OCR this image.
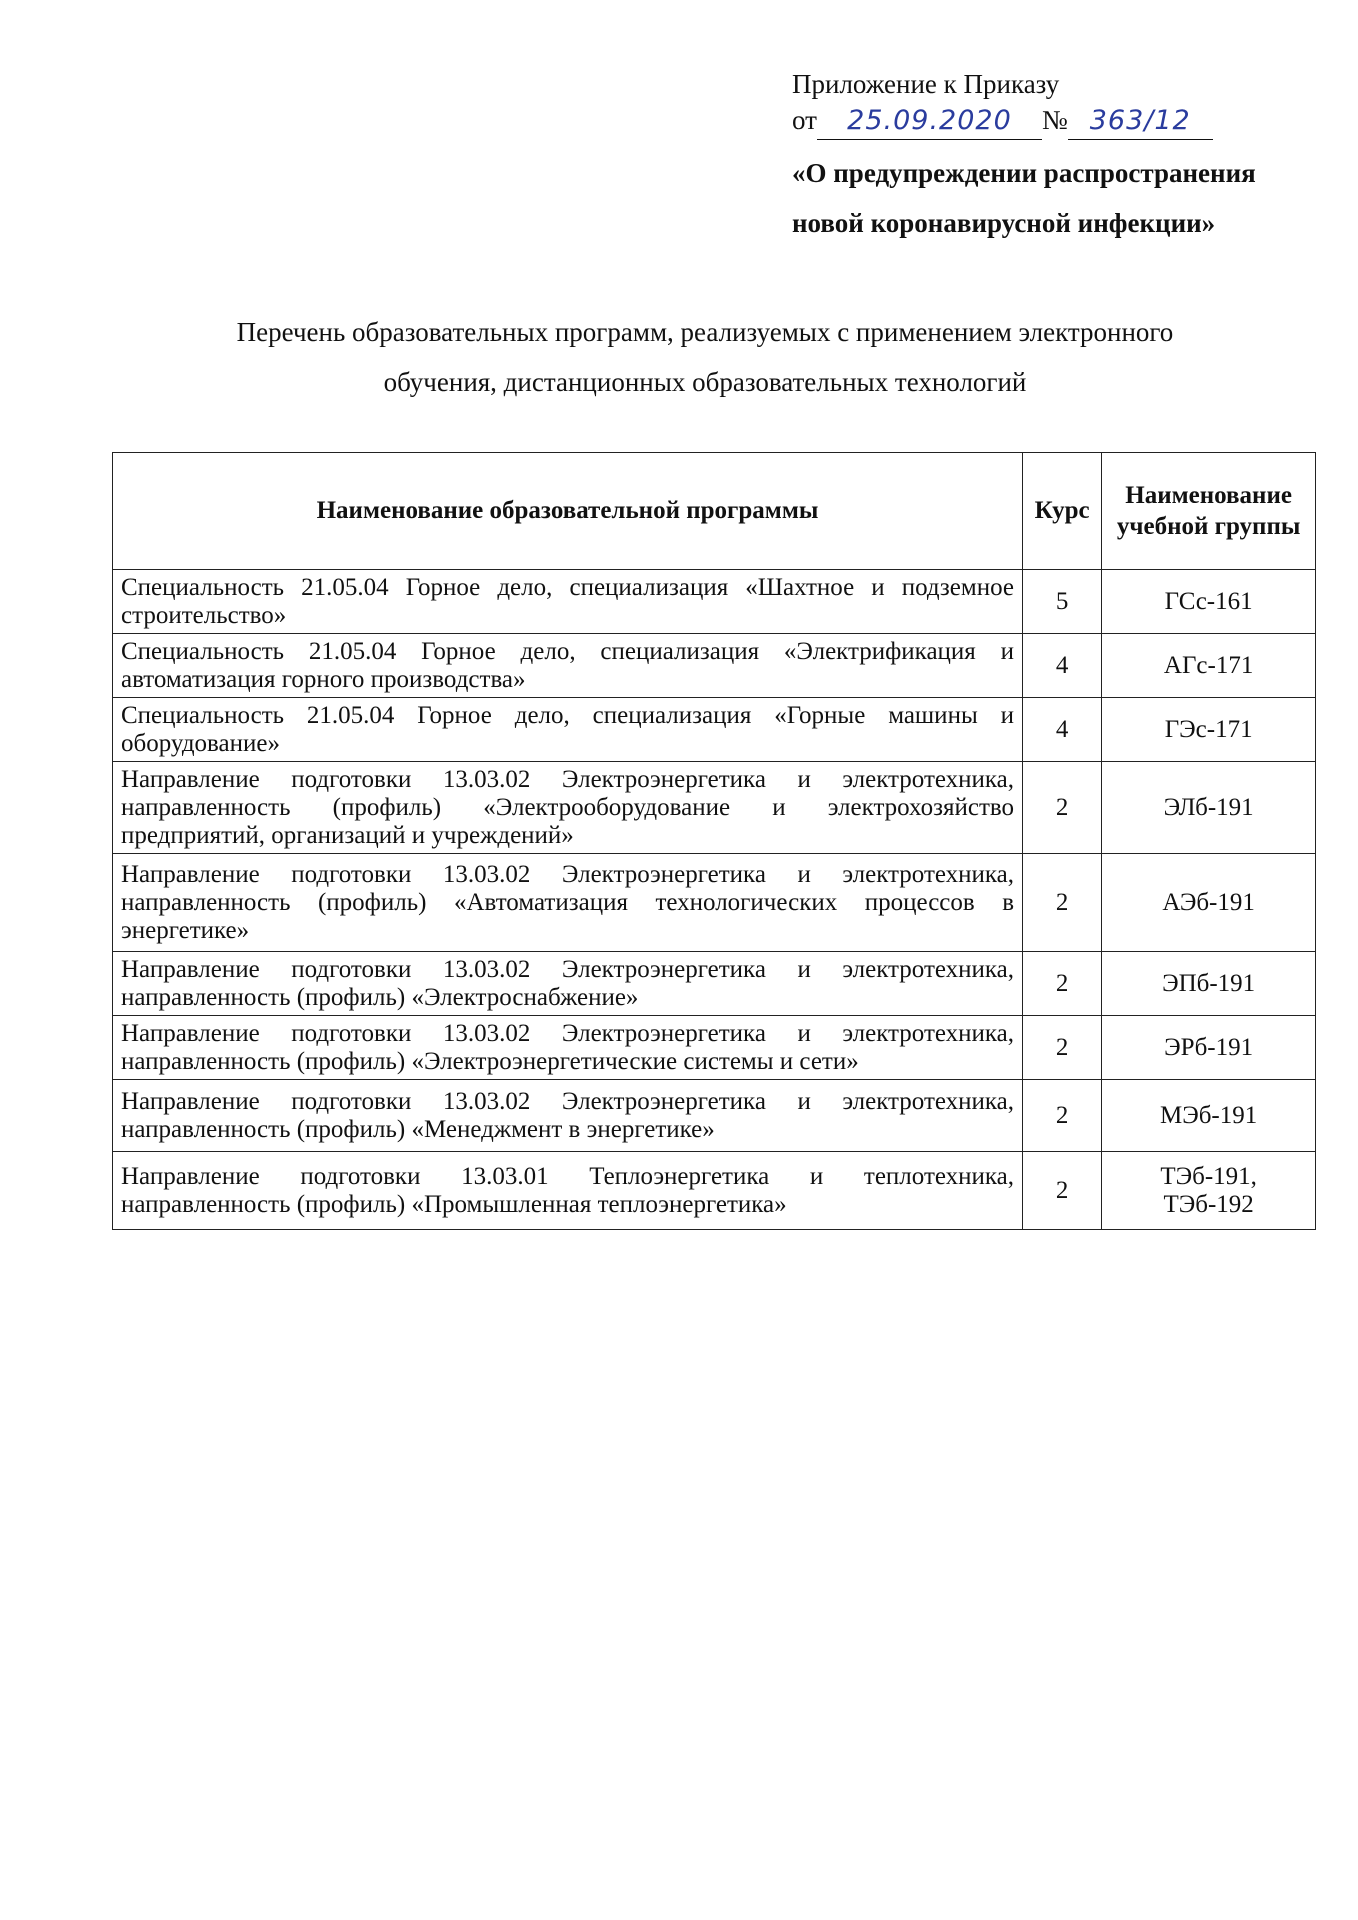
Приложение к Приказу
от 25.09.2020 № 363/12
«О предупреждении распространения
новой коронавирусной инфекции»
Перечень образовательных программ, реализуемых с применением электронного
обучения, дистанционных образовательных технологий
Наименование образовательной программы	Курс	Наименование учебной группы
Специальность 21.05.04 Горное дело, специализация «Шахтное и подземное строительство»	5	ГСс-161

Специальность 21.05.04 Горное дело, специализация «Электрификация и автоматизация горного производства»	4	АГс-171

Специальность 21.05.04 Горное дело, специализация «Горные машины и оборудование»	4	ГЭс-171

Направление подготовки 13.03.02 Электроэнергетика и электротехника, направленность (профиль) «Электрооборудование и электрохозяйство предприятий, организаций и учреждений»	2	ЭЛб-191

Направление подготовки 13.03.02 Электроэнергетика и электротехника, направленность (профиль) «Автоматизация технологических процессов в энергетике»	2	АЭб-191

Направление подготовки 13.03.02 Электроэнергетика и электротехника, направленность (профиль) «Электроснабжение»	2	ЭПб-191

Направление подготовки 13.03.02 Электроэнергетика и электротехника, направленность (профиль) «Электроэнергетические системы и сети»	2	ЭРб-191

Направление подготовки 13.03.02 Электроэнергетика и электротехника, направленность (профиль) «Менеджмент в энергетике»	2	МЭб-191

Направление подготовки 13.03.01 Теплоэнергетика и теплотехника, направленность (профиль) «Промышленная теплоэнергетика»	2	ТЭб-191,
ТЭб-192
